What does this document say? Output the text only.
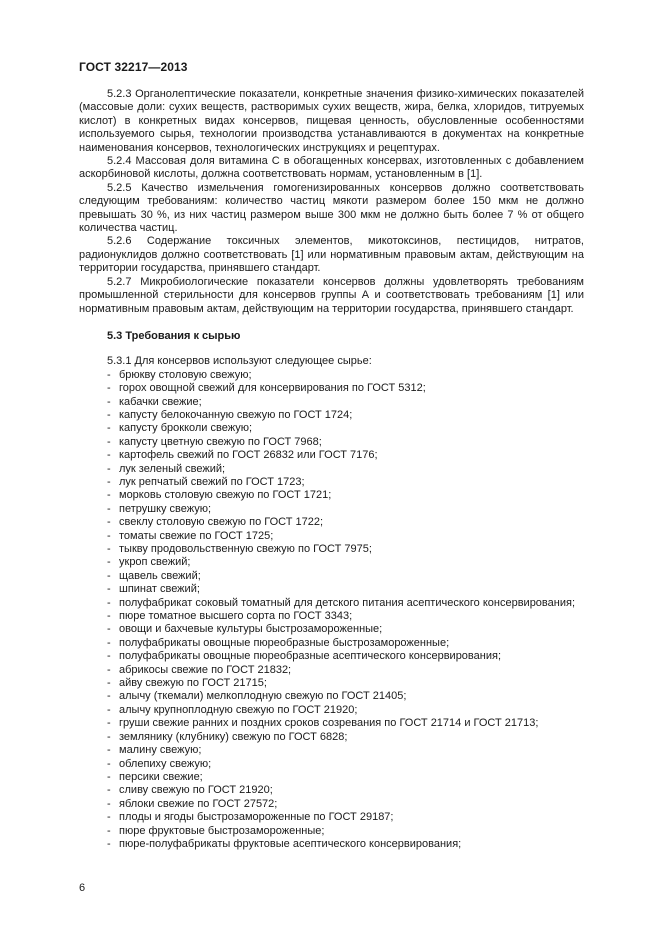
ГОСТ 32217—2013

5.2.3 Органолептические показатели, конкретные значения физико-химических показателей (массовые доли: сухих веществ, растворимых сухих веществ, жира, белка, хлоридов, титруемых кислот) в конкретных видах консервов, пищевая ценность, обусловленные особенностями используемого сырья, технологии производства устанавливаются в документах на конкретные наименования консервов, технологических инструкциях и рецептурах.

5.2.4 Массовая доля витамина С в обогащенных консервах, изготовленных с добавлением аскорбиновой кислоты, должна соответствовать нормам, установленным в [1].

5.2.5 Качество измельчения гомогенизированных консервов должно соответствовать следующим требованиям: количество частиц мякоти размером более 150 мкм не должно превышать 30 %, из них частиц размером выше 300 мкм не должно быть более 7 % от общего количества частиц.

5.2.6 Содержание токсичных элементов, микотоксинов, пестицидов, нитратов, радионуклидов должно соответствовать [1] или нормативным правовым актам, действующим на территории государства, принявшего стандарт.

5.2.7 Микробиологические показатели консервов должны удовлетворять требованиям промышленной стерильности для консервов группы А и соответствовать требованиям [1] или нормативным правовым актам, действующим на территории государства, принявшего стандарт.

5.3 Требования к сырью

5.3.1 Для консервов используют следующее сырье:

- брюкву столовую свежую;
- горох овощной свежий для консервирования по ГОСТ 5312;
- кабачки свежие;
- капусту белокочанную свежую по ГОСТ 1724;
- капусту брокколи свежую;
- капусту цветную свежую по ГОСТ 7968;
- картофель свежий по ГОСТ 26832 или ГОСТ 7176;
- лук зеленый свежий;
- лук репчатый свежий по ГОСТ 1723;
- морковь столовую свежую по ГОСТ 1721;
- петрушку свежую;
- свеклу столовую свежую по ГОСТ 1722;
- томаты свежие по ГОСТ 1725;
- тыкву продовольственную свежую по ГОСТ 7975;
- укроп свежий;
- щавель свежий;
- шпинат свежий;
- полуфабрикат соковый томатный для детского питания асептического консервирования;
- пюре томатное высшего сорта по ГОСТ 3343;
- овощи и бахчевые культуры быстрозамороженные;
- полуфабрикаты овощные пюреобразные быстрозамороженные;
- полуфабрикаты овощные пюреобразные асептического консервирования;
- абрикосы свежие по ГОСТ 21832;
- айву свежую по ГОСТ 21715;
- алычу (ткемали) мелкоплодную свежую по ГОСТ 21405;
- алычу крупноплодную свежую по ГОСТ 21920;
- груши свежие ранних и поздних сроков созревания по ГОСТ 21714 и ГОСТ 21713;
- землянику (клубнику) свежую по ГОСТ 6828;
- малину свежую;
- облепиху свежую;
- персики свежие;
- сливу свежую по ГОСТ 21920;
- яблоки свежие по ГОСТ 27572;
- плоды и ягоды быстрозамороженные по ГОСТ 29187;
- пюре фруктовые быстрозамороженные;
- пюре-полуфабрикаты фруктовые асептического консервирования;
6
